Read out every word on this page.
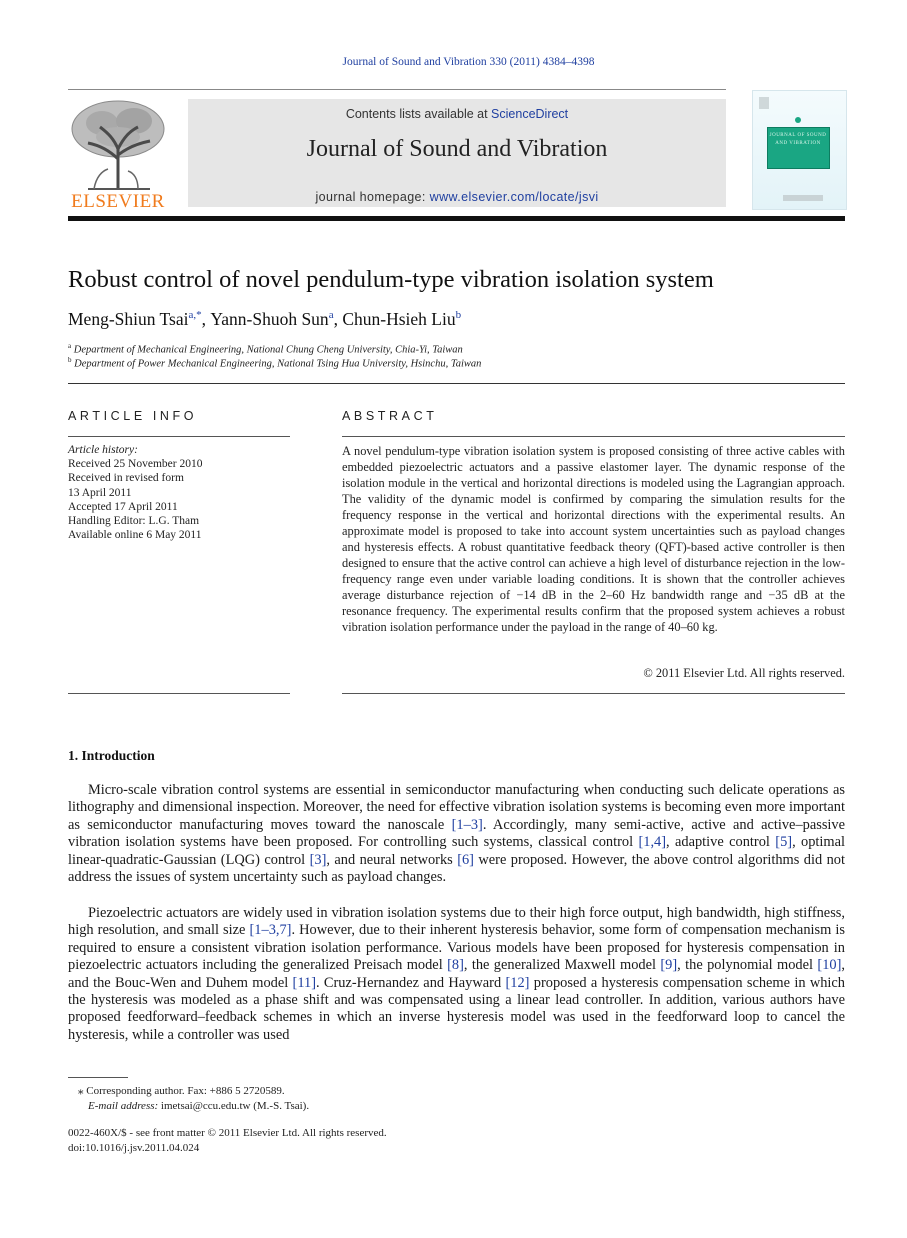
Journal of Sound and Vibration 330 (2011) 4384–4398
ELSEVIER
Contents lists available at ScienceDirect
Journal of Sound and Vibration
journal homepage: www.elsevier.com/locate/jsvi
JOURNAL OF SOUND AND VIBRATION
Robust control of novel pendulum-type vibration isolation system
Meng-Shiun Tsai$^{a,*}$, Yann-Shuoh Sun$^a$, Chun-Hsieh Liu$^b$
$^a$ Department of Mechanical Engineering, National Chung Cheng University, Chia-Yi, Taiwan
$^b$ Department of Power Mechanical Engineering, National Tsing Hua University, Hsinchu, Taiwan
ARTICLE INFO	ABSTRACT
Article history:
Received 25 November 2010
Received in revised form
13 April 2011
Accepted 17 April 2011
Handling Editor: L.G. Tham
Available online 6 May 2011
A novel pendulum-type vibration isolation system is proposed consisting of three active cables with embedded piezoelectric actuators and a passive elastomer layer. The dynamic response of the isolation module in the vertical and horizontal directions is modeled using the Lagrangian approach. The validity of the dynamic model is confirmed by comparing the simulation results for the frequency response in the vertical and horizontal directions with the experimental results. An approximate model is proposed to take into account system uncertainties such as payload changes and hysteresis effects. A robust quantitative feedback theory (QFT)-based active controller is then designed to ensure that the active control can achieve a high level of disturbance rejection in the low-frequency range even under variable loading conditions. It is shown that the controller achieves average disturbance rejection of −14 dB in the 2–60 Hz bandwidth range and −35 dB at the resonance frequency. The experimental results confirm that the proposed system achieves a robust vibration isolation performance under the payload in the range of 40–60 kg.
© 2011 Elsevier Ltd. All rights reserved.
1. Introduction
Micro-scale vibration control systems are essential in semiconductor manufacturing when conducting such delicate operations as lithography and dimensional inspection. Moreover, the need for effective vibration isolation systems is becoming even more important as semiconductor manufacturing moves toward the nanoscale [1–3]. Accordingly, many semi-active, active and active–passive vibration isolation systems have been proposed. For controlling such systems, classical control [1,4], adaptive control [5], optimal linear-quadratic-Gaussian (LQG) control [3], and neural networks [6] were proposed. However, the above control algorithms did not address the issues of system uncertainty such as payload changes.
Piezoelectric actuators are widely used in vibration isolation systems due to their high force output, high bandwidth, high stiffness, high resolution, and small size [1–3,7]. However, due to their inherent hysteresis behavior, some form of compensation mechanism is required to ensure a consistent vibration isolation performance. Various models have been proposed for hysteresis compensation in piezoelectric actuators including the generalized Preisach model [8], the generalized Maxwell model [9], the polynomial model [10], and the Bouc-Wen and Duhem model [11]. Cruz-Hernandez and Hayward [12] proposed a hysteresis compensation scheme in which the hysteresis was modeled as a phase shift and was compensated using a linear lead controller. In addition, various authors have proposed feedforward–feedback schemes in which an inverse hysteresis model was used in the feedforward loop to cancel the hysteresis, while a controller was used
⁎ Corresponding author. Fax: +886 5 2720589.
E-mail address: imetsai@ccu.edu.tw (M.-S. Tsai).
0022-460X/$ - see front matter © 2011 Elsevier Ltd. All rights reserved.
doi:10.1016/j.jsv.2011.04.024
